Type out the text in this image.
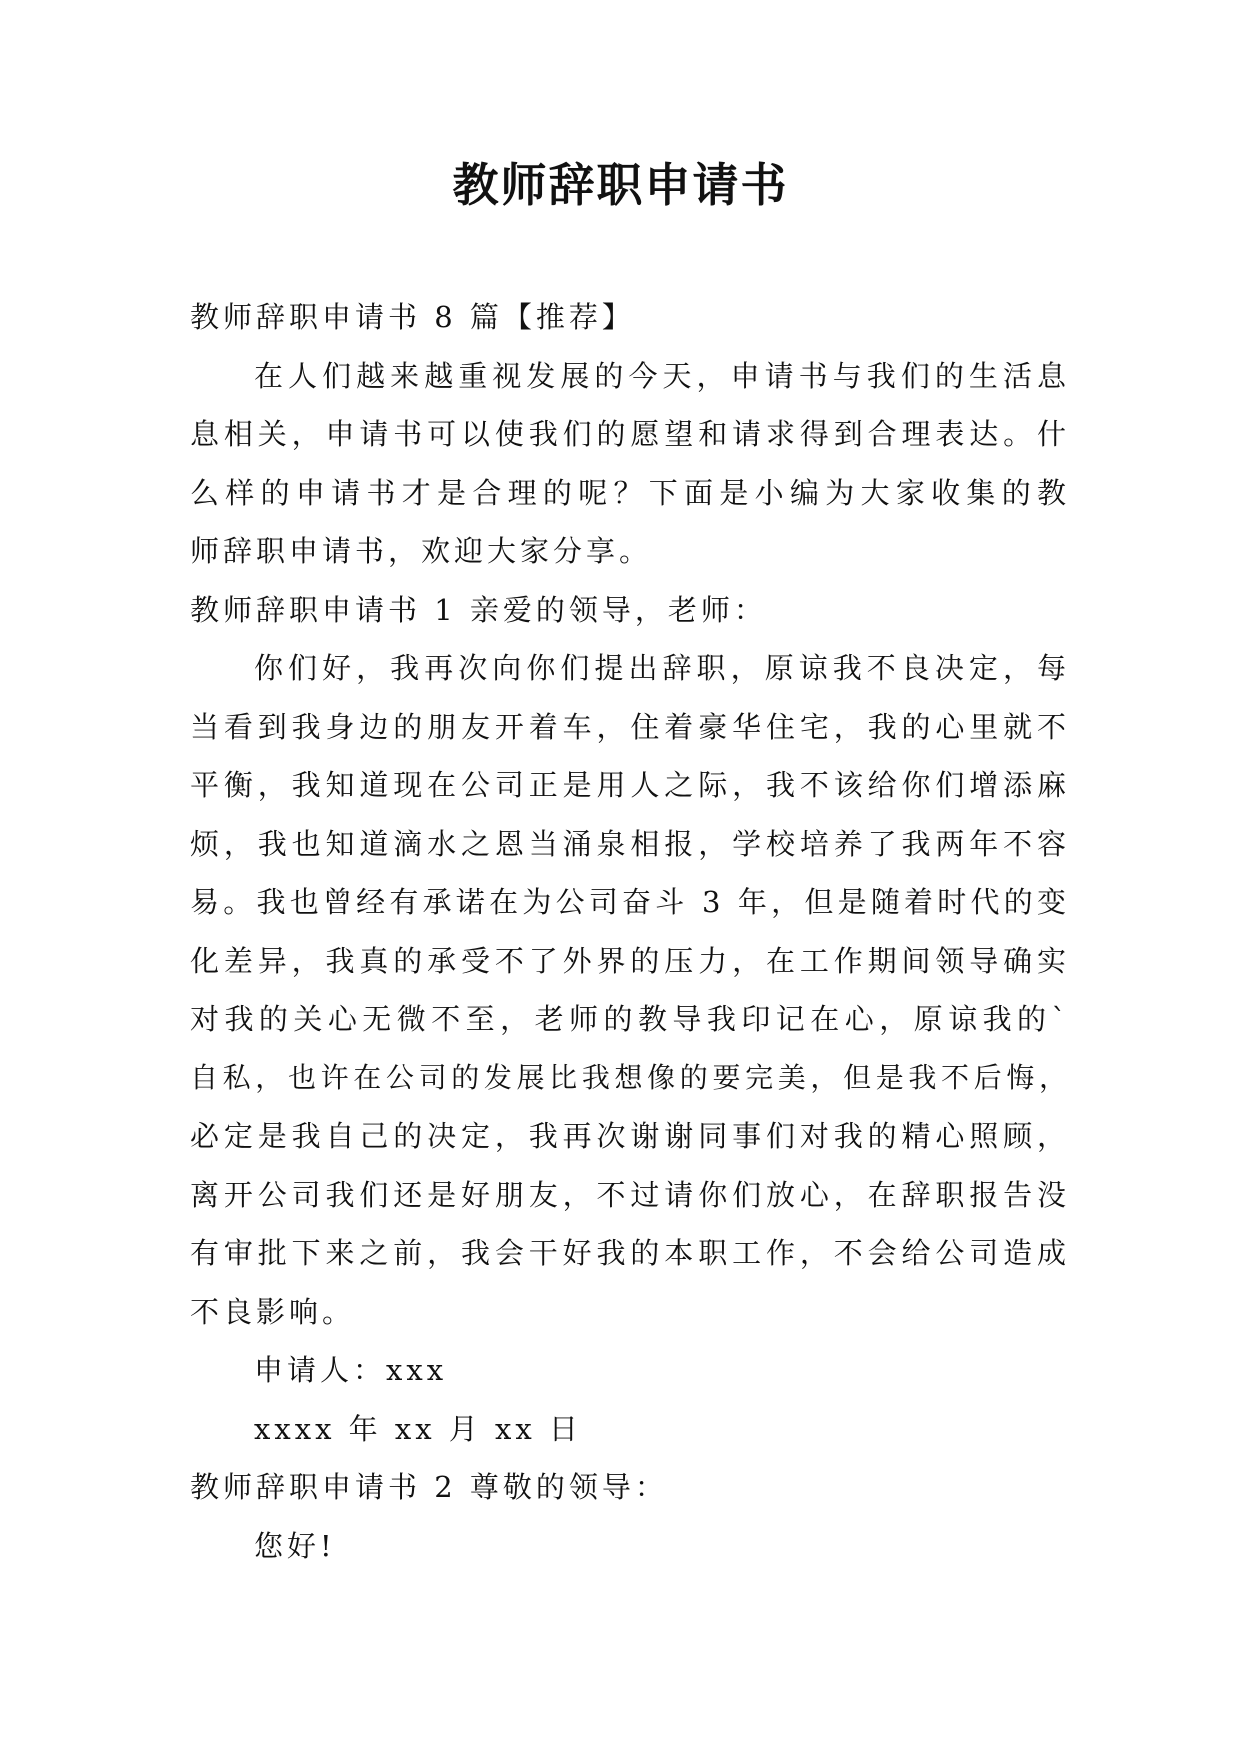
教师辞职申请书

教师辞职申请书 8 篇【推荐】

在人们越来越重视发展的今天，申请书与我们的生活息

息相关，申请书可以使我们的愿望和请求得到合理表达。什

么样的申请书才是合理的呢？下面是小编为大家收集的教

师辞职申请书，欢迎大家分享。

教师辞职申请书 1 亲爱的领导，老师：

你们好，我再次向你们提出辞职，原谅我不良决定，每

当看到我身边的朋友开着车，住着豪华住宅，我的心里就不

平衡，我知道现在公司正是用人之际，我不该给你们增添麻

烦，我也知道滴水之恩当涌泉相报，学校培养了我两年不容

易。我也曾经有承诺在为公司奋斗 3 年，但是随着时代的变

化差异，我真的承受不了外界的压力，在工作期间领导确实

对我的关心无微不至，老师的教导我印记在心，原谅我的`

自私，也许在公司的发展比我想像的要完美，但是我不后悔，

必定是我自己的决定，我再次谢谢同事们对我的精心照顾，

离开公司我们还是好朋友，不过请你们放心，在辞职报告没

有审批下来之前，我会干好我的本职工作，不会给公司造成

不良影响。

申请人：xxx

xxxx 年 xx 月 xx 日

教师辞职申请书 2 尊敬的领导：

您好!
